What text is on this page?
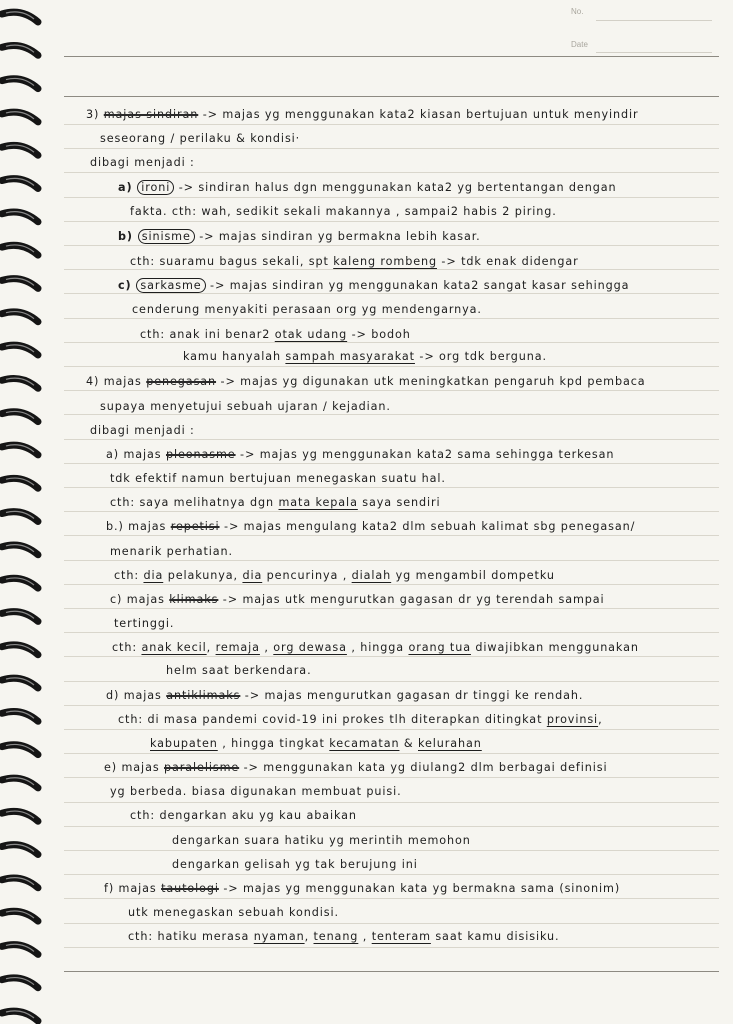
No.
Date
3) majas sindiran -> majas yg menggunakan kata2 kiasan bertujuan untuk menyindir
seseorang / perilaku & kondisi·
dibagi menjadi :
a) ironi -> sindiran halus dgn menggunakan kata2 yg bertentangan dengan
fakta. cth: wah, sedikit sekali makannya , sampai2 habis 2 piring.
b) sinisme -> majas sindiran yg bermakna lebih kasar.
cth: suaramu bagus sekali, spt kaleng rombeng -> tdk enak didengar
c) sarkasme -> majas sindiran yg menggunakan kata2 sangat kasar sehingga
cenderung menyakiti perasaan org yg mendengarnya.
cth: anak ini benar2 otak udang -> bodoh
kamu hanyalah sampah masyarakat -> org tdk berguna.
4) majas penegasan -> majas yg digunakan utk meningkatkan pengaruh kpd pembaca
supaya menyetujui sebuah ujaran / kejadian.
dibagi menjadi :
a) majas pleonasme -> majas yg menggunakan kata2 sama sehingga terkesan
tdk efektif namun bertujuan menegaskan suatu hal.
cth: saya melihatnya dgn mata kepala saya sendiri
b.) majas repetisi -> majas mengulang kata2 dlm sebuah kalimat sbg penegasan/
menarik perhatian.
cth: dia pelakunya, dia pencurinya , dialah yg mengambil dompetku
c) majas klimaks -> majas utk mengurutkan gagasan dr yg terendah sampai
tertinggi.
cth: anak kecil, remaja , org dewasa , hingga orang tua diwajibkan menggunakan
helm saat berkendara.
d) majas antiklimaks -> majas mengurutkan gagasan dr tinggi ke rendah.
cth: di masa pandemi covid-19 ini prokes tlh diterapkan ditingkat provinsi,
kabupaten , hingga tingkat kecamatan & kelurahan
e) majas paralelisme -> menggunakan kata yg diulang2 dlm berbagai definisi
yg berbeda. biasa digunakan membuat puisi.
cth: dengarkan aku yg kau abaikan
dengarkan suara hatiku yg merintih memohon
dengarkan gelisah yg tak berujung ini
f) majas tautologi -> majas yg menggunakan kata yg bermakna sama (sinonim)
utk menegaskan sebuah kondisi.
cth: hatiku merasa nyaman, tenang , tenteram saat kamu disisiku.
